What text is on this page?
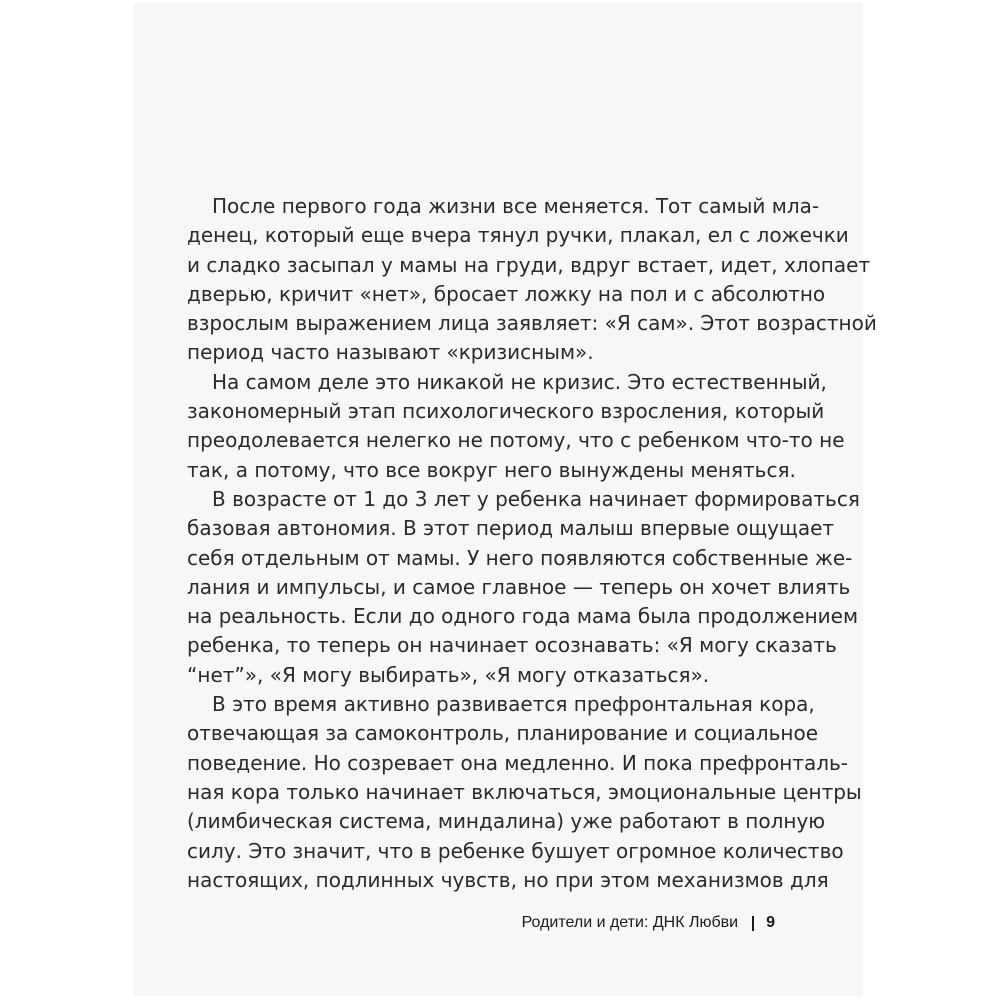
После первого года жизни все меняется. Тот самый мла-
денец, который еще вчера тянул ручки, плакал, ел с ложечки
и сладко засыпал у мамы на груди, вдруг встает, идет, хлопает
дверью, кричит «нет», бросает ложку на пол и с абсолютно
взрослым выражением лица заявляет: «Я сам». Этот возрастной
период часто называют «кризисным».
На самом деле это никакой не кризис. Это естественный,
закономерный этап психологического взросления, который
преодолевается нелегко не потому, что с ребенком что-то не
так, а потому, что все вокруг него вынуждены меняться.
В возрасте от 1 до 3 лет у ребенка начинает формироваться
базовая автономия. В этот период малыш впервые ощущает
себя отдельным от мамы. У него появляются собственные же-
лания и импульсы, и самое главное — теперь он хочет влиять
на реальность. Если до одного года мама была продолжением
ребенка, то теперь он начинает осознавать: «Я могу сказать
“нет”», «Я могу выбирать», «Я могу отказаться».
В это время активно развивается префронтальная кора,
отвечающая за самоконтроль, планирование и социальное
поведение. Но созревает она медленно. И пока префронталь-
ная кора только начинает включаться, эмоциональные центры
(лимбическая система, миндалина) уже работают в полную
силу. Это значит, что в ребенке бушует огромное количество
настоящих, подлинных чувств, но при этом механизмов для
Родители и дети: ДНК Любви 9
